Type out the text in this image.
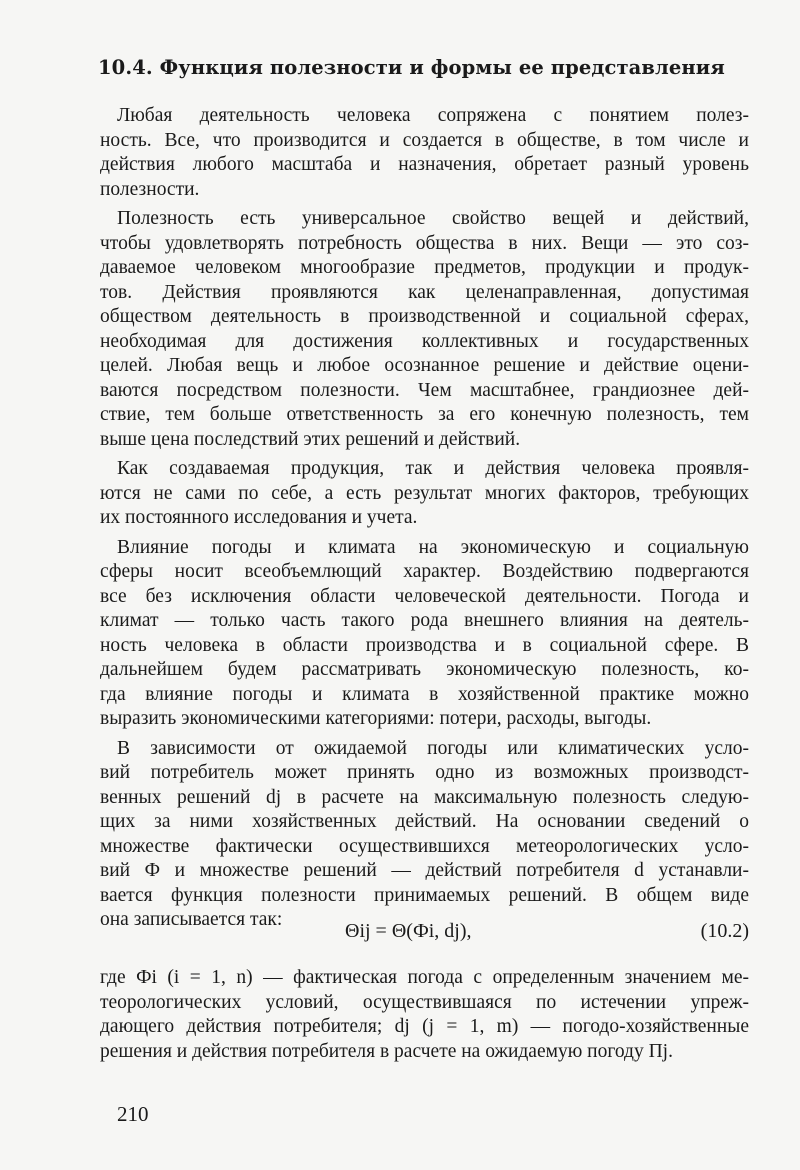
10.4. Функция полезности и формы ее представления
Любая деятельность человека сопряжена с понятием полез-
ность. Все, что производится и создается в обществе, в том числе и
действия любого масштаба и назначения, обретает разный уровень
полезности.
Полезность есть универсальное свойство вещей и действий,
чтобы удовлетворять потребность общества в них. Вещи — это соз-
даваемое человеком многообразие предметов, продукции и продук-
тов. Действия проявляются как целенаправленная, допустимая
обществом деятельность в производственной и социальной сферах,
необходимая для достижения коллективных и государственных
целей. Любая вещь и любое осознанное решение и действие оцени-
ваются посредством полезности. Чем масштабнее, грандиознее дей-
ствие, тем больше ответственность за его конечную полезность, тем
выше цена последствий этих решений и действий.
Как создаваемая продукция, так и действия человека проявля-
ются не сами по себе, а есть результат многих факторов, требующих
их постоянного исследования и учета.
Влияние погоды и климата на экономическую и социальную
сферы носит всеобъемлющий характер. Воздействию подвергаются
все без исключения области человеческой деятельности. Погода и
климат — только часть такого рода внешнего влияния на деятель-
ность человека в области производства и в социальной сфере. В
дальнейшем будем рассматривать экономическую полезность, ко-
гда влияние погоды и климата в хозяйственной практике можно
выразить экономическими категориями: потери, расходы, выгоды.
В зависимости от ожидаемой погоды или климатических усло-
вий потребитель может принять одно из возможных производст-
венных решений dj в расчете на максимальную полезность следую-
щих за ними хозяйственных действий. На основании сведений о
множестве фактически осуществившихся метеорологических усло-
вий Ф и множестве решений — действий потребителя d устанавли-
вается функция полезности принимаемых решений. В общем виде
она записывается так:
Θij = Θ(Фi, dj),	(10.2)
где Фi (i = 1, n) — фактическая погода с определенным значением ме-
теорологических условий, осуществившаяся по истечении упреж-
дающего действия потребителя; dj (j = 1, m) — погодо-хозяйственные
решения и действия потребителя в расчете на ожидаемую погоду Пj.
210
